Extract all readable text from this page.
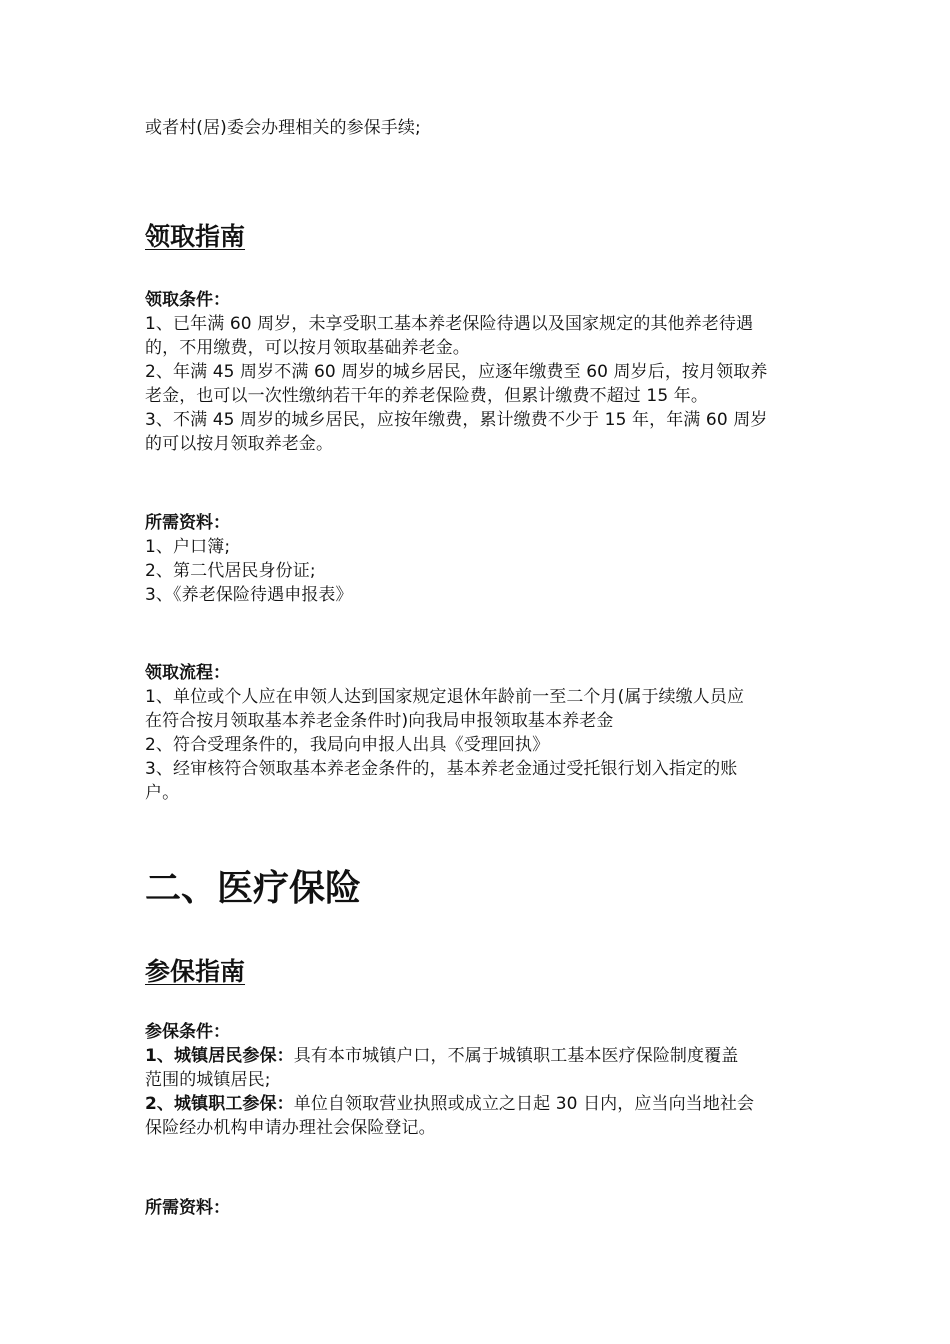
或者村(居)委会办理相关的参保手续;
领取指南
领取条件：
1、已年满 60 周岁，未享受职工基本养老保险待遇以及国家规定的其他养老待遇
的，不用缴费，可以按月领取基础养老金。
2、年满 45 周岁不满 60 周岁的城乡居民，应逐年缴费至 60 周岁后，按月领取养
老金，也可以一次性缴纳若干年的养老保险费，但累计缴费不超过 15 年。
3、不满 45 周岁的城乡居民，应按年缴费，累计缴费不少于 15 年，年满 60 周岁
的可以按月领取养老金。
所需资料：
1、户口簿;
2、第二代居民身份证;
3、《养老保险待遇申报表》
领取流程：
1、单位或个人应在申领人达到国家规定退休年龄前一至二个月(属于续缴人员应
在符合按月领取基本养老金条件时)向我局申报领取基本养老金
2、符合受理条件的，我局向申报人出具《受理回执》
3、经审核符合领取基本养老金条件的，基本养老金通过受托银行划入指定的账
户。
二、医疗保险
参保指南
参保条件：
1、城镇居民参保：具有本市城镇户口，不属于城镇职工基本医疗保险制度覆盖
范围的城镇居民;
2、城镇职工参保：单位自领取营业执照或成立之日起 30 日内，应当向当地社会
保险经办机构申请办理社会保险登记。
所需资料：
